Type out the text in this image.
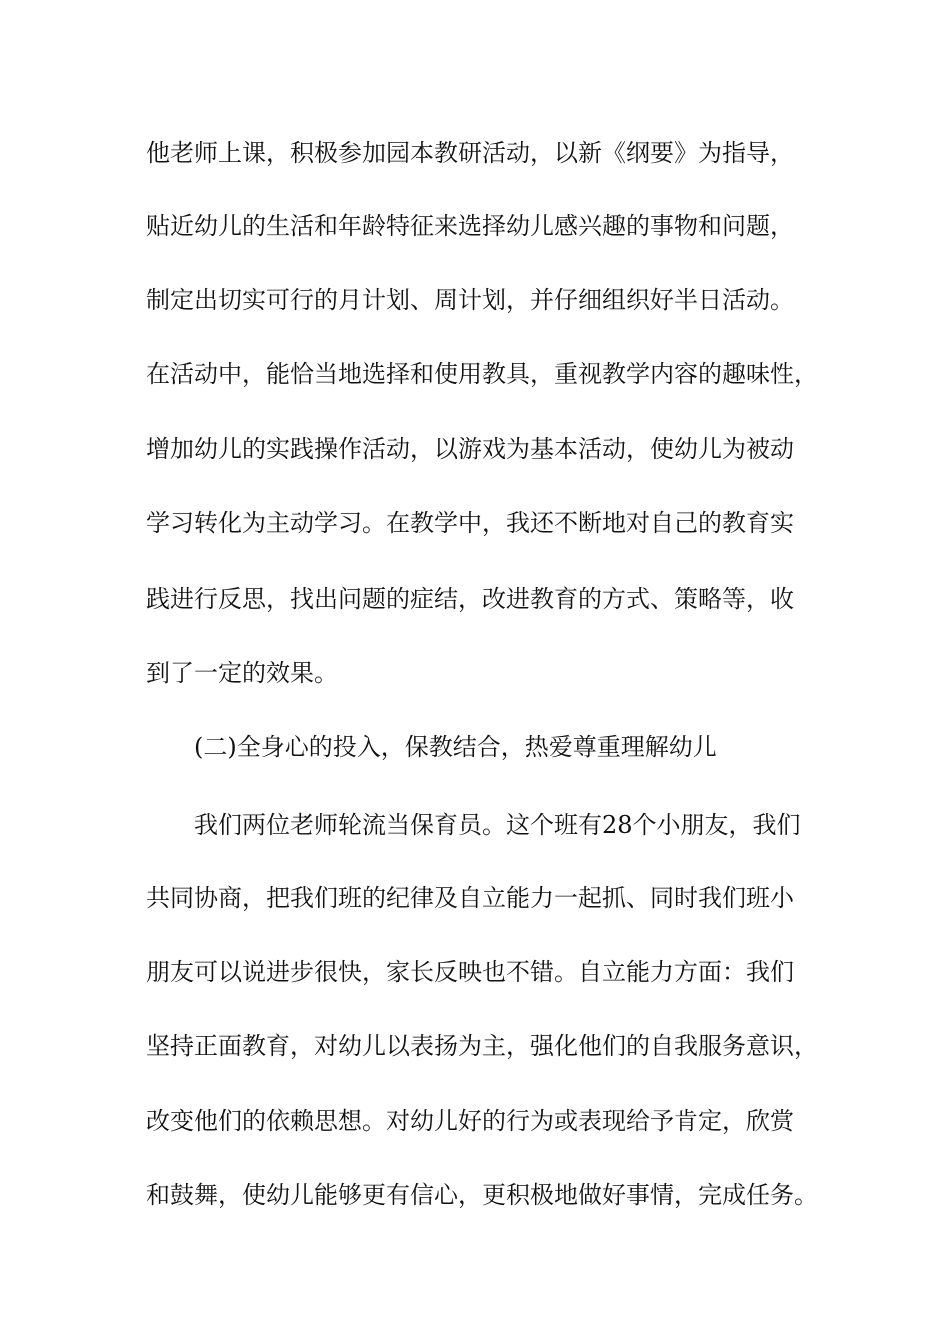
他老师上课，积极参加园本教研活动，以新《纲要》为指导，
贴近幼儿的生活和年龄特征来选择幼儿感兴趣的事物和问题，
制定出切实可行的月计划、周计划，并仔细组织好半日活动。
在活动中，能恰当地选择和使用教具，重视教学内容的趣味性，
增加幼儿的实践操作活动，以游戏为基本活动，使幼儿为被动
学习转化为主动学习。在教学中，我还不断地对自己的教育实
践进行反思，找出问题的症结，改进教育的方式、策略等，收
到了一定的效果。
(二)全身心的投入，保教结合，热爱尊重理解幼儿
我们两位老师轮流当保育员。这个班有28个小朋友，我们
共同协商，把我们班的纪律及自立能力一起抓、同时我们班小
朋友可以说进步很快，家长反映也不错。自立能力方面：我们
坚持正面教育，对幼儿以表扬为主，强化他们的自我服务意识，
改变他们的依赖思想。对幼儿好的行为或表现给予肯定，欣赏
和鼓舞，使幼儿能够更有信心，更积极地做好事情，完成任务。
